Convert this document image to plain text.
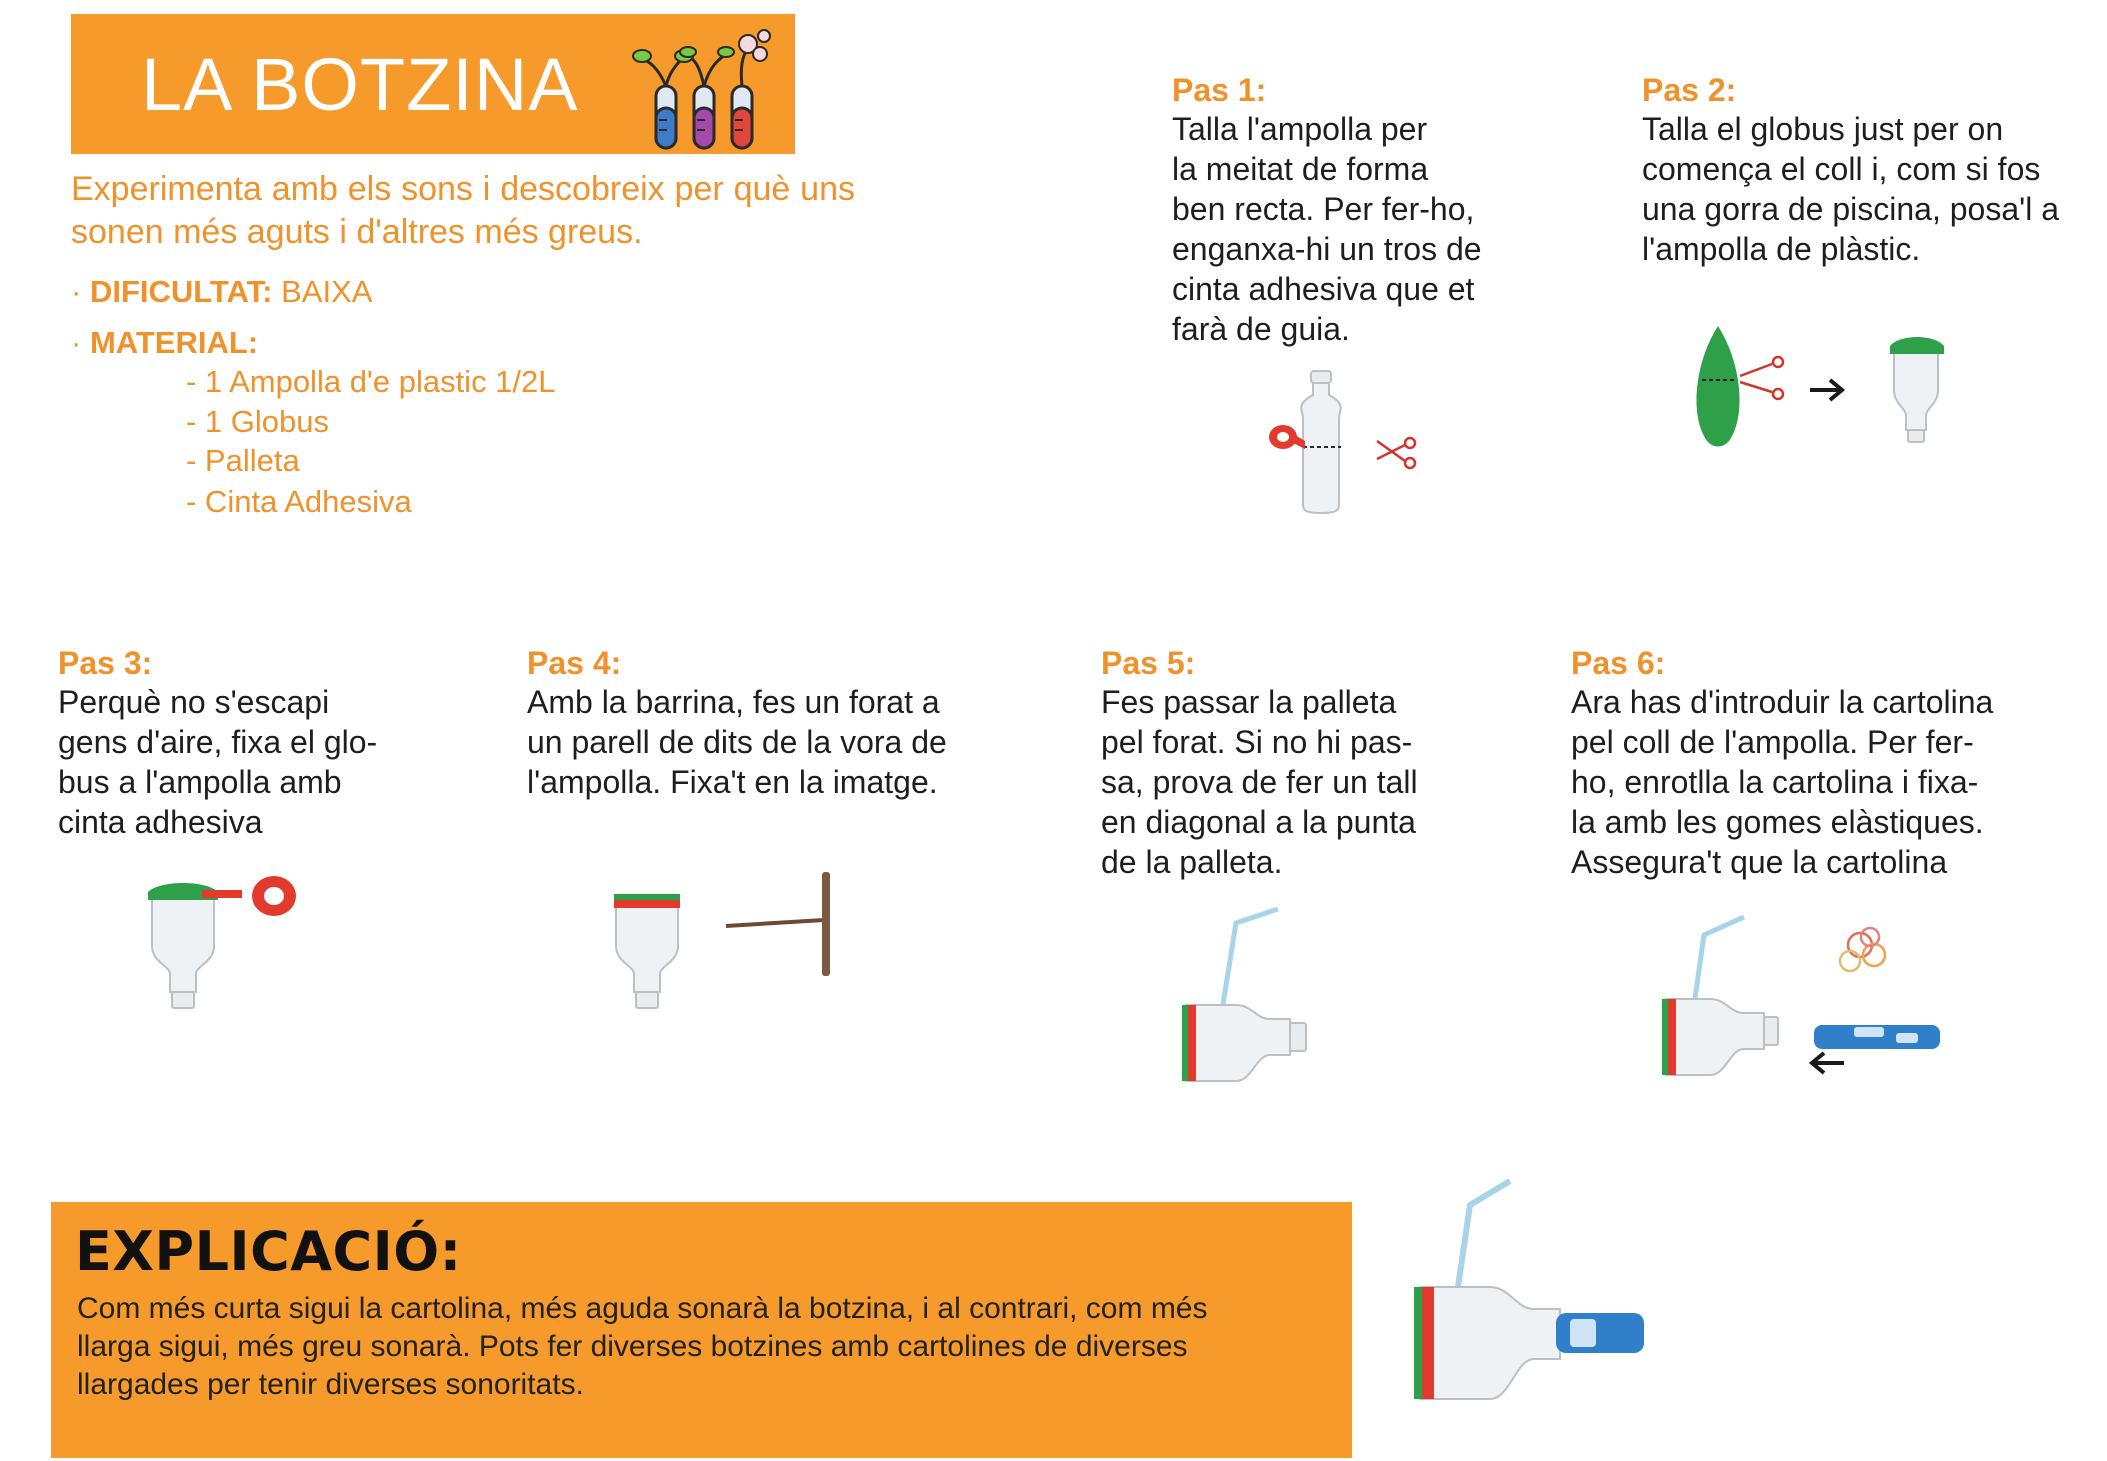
LA BOTZINA
Experimenta amb els sons i descobreix per què uns sonen més aguts i d'altres més greus.
· DIFICULTAT: BAIXA
· MATERIAL:
- 1 Ampolla d'e plastic 1/2L
- 1 Globus
- Palleta
- Cinta Adhesiva
Pas 1:
Talla l'ampolla per
la meitat de forma
ben recta. Per fer-ho,
enganxa-hi un tros de
cinta adhesiva que et
farà de guia.
Pas 2:
Talla el globus just per on
comença el coll i, com si fos
una gorra de piscina, posa'l a
l'ampolla de plàstic.
Pas 3:
Perquè no s'escapi
gens d'aire, fixa el glo-
bus a l'ampolla amb
cinta adhesiva
Pas 4:
Amb la barrina, fes un forat a
un parell de dits de la vora de
l'ampolla. Fixa't en la imatge.
Pas 5:
Fes passar la palleta
pel forat. Si no hi pas-
sa, prova de fer un tall
en diagonal a la punta
de la palleta.
Pas 6:
Ara has d'introduir la cartolina
pel coll de l'ampolla. Per fer-
ho, enrotlla la cartolina i fixa-
la amb les gomes elàstiques.
Assegura't que la cartolina
EXPLICACIÓ:
Com més curta sigui la cartolina, més aguda sonarà la botzina, i al contrari, com més
llarga sigui, més greu sonarà. Pots fer diverses botzines amb cartolines de diverses
llargades per tenir diverses sonoritats.
